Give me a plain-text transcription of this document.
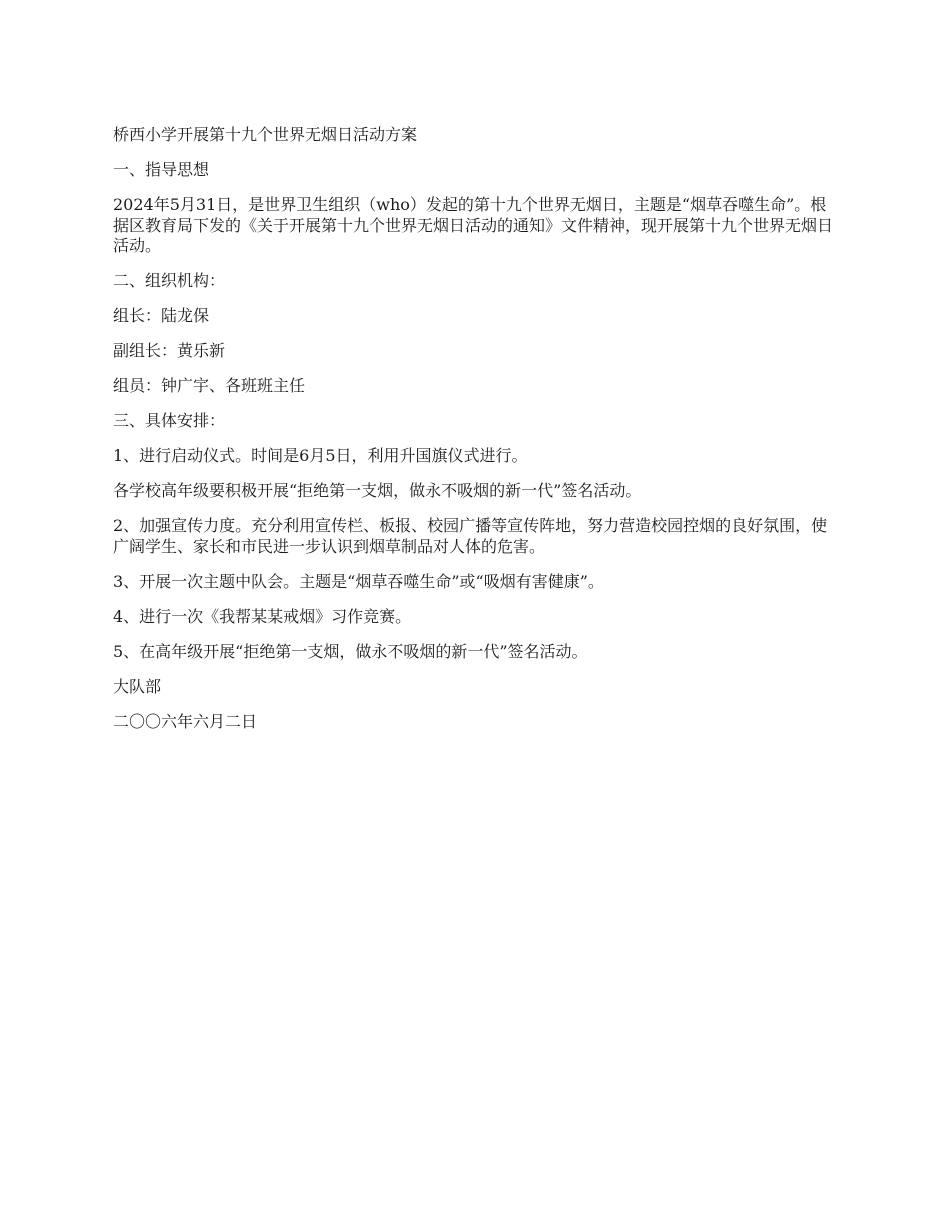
桥西小学开展第十九个世界无烟日活动方案

一、指导思想

2024年5月31日，是世界卫生组织（who）发起的第十九个世界无烟日，主题是“烟草吞噬生命”。根据区教育局下发的《关于开展第十九个世界无烟日活动的通知》文件精神，现开展第十九个世界无烟日活动。

二、组织机构：

组长：陆龙保

副组长：黄乐新

组员：钟广宇、各班班主任

三、具体安排：

1、进行启动仪式。时间是6月5日，利用升国旗仪式进行。

各学校高年级要积极开展“拒绝第一支烟，做永不吸烟的新一代”签名活动。

2、加强宣传力度。充分利用宣传栏、板报、校园广播等宣传阵地，努力营造校园控烟的良好氛围，使广阔学生、家长和市民进一步认识到烟草制品对人体的危害。

3、开展一次主题中队会。主题是“烟草吞噬生命”或“吸烟有害健康”。

4、进行一次《我帮某某戒烟》习作竞赛。

5、在高年级开展“拒绝第一支烟，做永不吸烟的新一代”签名活动。

大队部

二〇〇六年六月二日
